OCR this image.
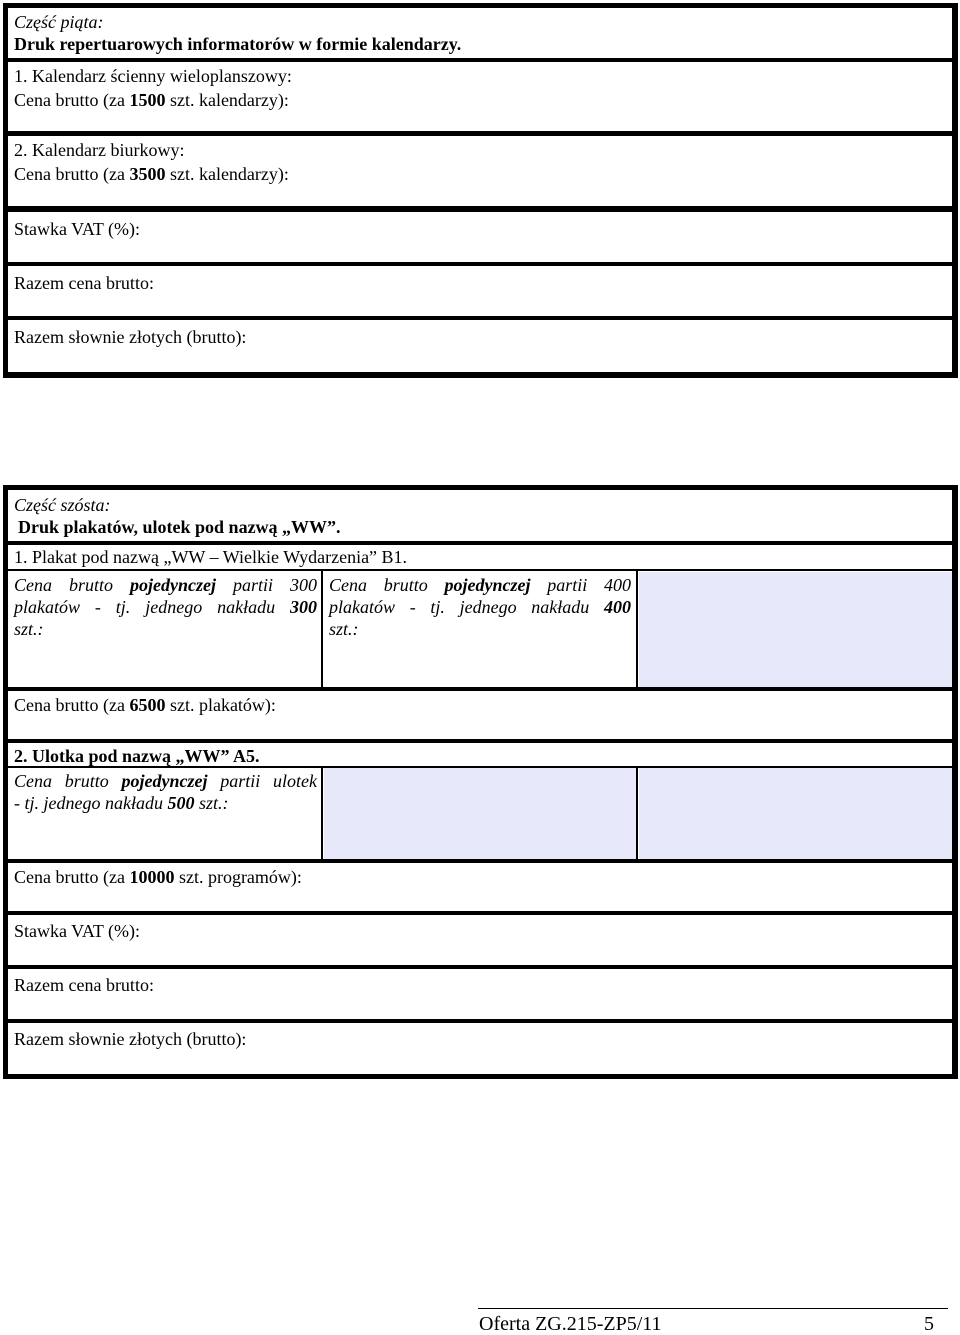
Część piąta:
Druk repertuarowych informatorów w formie kalendarzy.
1. Kalendarz ścienny wieloplanszowy:
Cena brutto (za 1500 szt. kalendarzy):
2. Kalendarz biurkowy:
Cena brutto (za 3500 szt. kalendarzy):
Stawka VAT (%):
Razem cena brutto:
Razem słownie złotych (brutto):
Część szósta:
Druk plakatów, ulotek pod nazwą „WW”.
1. Plakat pod nazwą „WW – Wielkie Wydarzenia” B1.
Cena brutto pojedynczej partii 300
plakatów - tj. jednego nakładu 300
szt.:
Cena brutto pojedynczej partii 400
plakatów - tj. jednego nakładu 400
szt.:
Cena brutto (za 6500 szt. plakatów):
2. Ulotka pod nazwą „WW” A5.
Cena brutto pojedynczej partii ulotek
- tj. jednego nakładu 500 szt.:
Cena brutto (za 10000 szt. programów):
Stawka VAT (%):
Razem cena brutto:
Razem słownie złotych (brutto):
Oferta ZG.215-ZP5/11	5
